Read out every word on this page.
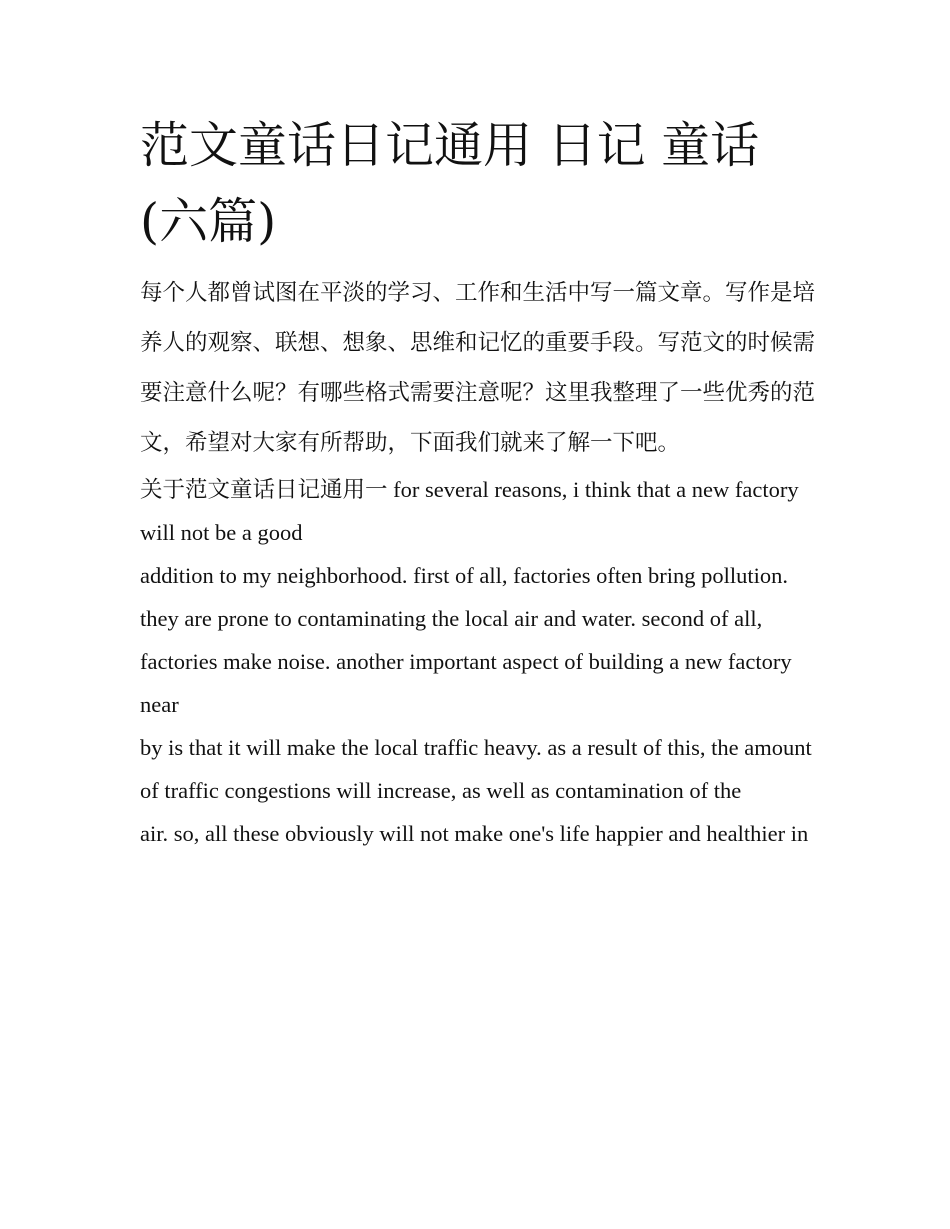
范文童话日记通用 日记 童话(六篇)

每个人都曾试图在平淡的学习、工作和生活中写一篇文章。写作是培养人的观察、联想、想象、思维和记忆的重要手段。写范文的时候需要注意什么呢？有哪些格式需要注意呢？这里我整理了一些优秀的范文，希望对大家有所帮助，下面我们就来了解一下吧。

关于范文童话日记通用一 for several reasons, i think that a new factory will not be a good
addition to my neighborhood. first of all, factories often bring pollution.
they are prone to contaminating the local air and water. second of all,
factories make noise. another important aspect of building a new factory near
by is that it will make the local traffic heavy. as a result of this, the amount of traffic congestions will increase, as well as contamination of the
air. so, all these obviously will not make one's life happier and healthier in
